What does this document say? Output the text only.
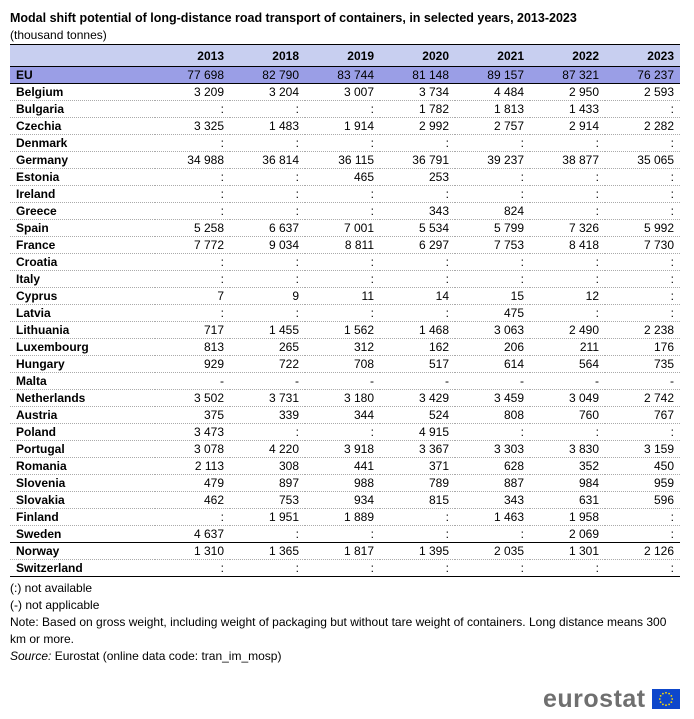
Modal shift potential of long-distance road transport of containers, in selected years, 2013-2023
(thousand tonnes)
	2013	2018	2019	2020	2021	2022	2023
EU	77 698	82 790	83 744	81 148	89 157	87 321	76 237
Belgium	3 209	3 204	3 007	3 734	4 484	2 950	2 593
Bulgaria	:	:	:	1 782	1 813	1 433	:
Czechia	3 325	1 483	1 914	2 992	2 757	2 914	2 282
Denmark	:	:	:	:	:	:	:
Germany	34 988	36 814	36 115	36 791	39 237	38 877	35 065
Estonia	:	:	465	253	:	:	:
Ireland	:	:	:	:	:	:	:
Greece	:	:	:	343	824	:	:
Spain	5 258	6 637	7 001	5 534	5 799	7 326	5 992
France	7 772	9 034	8 811	6 297	7 753	8 418	7 730
Croatia	:	:	:	:	:	:	:
Italy	:	:	:	:	:	:	:
Cyprus	7	9	11	14	15	12	:
Latvia	:	:	:	:	475	:	:
Lithuania	717	1 455	1 562	1 468	3 063	2 490	2 238
Luxembourg	813	265	312	162	206	211	176
Hungary	929	722	708	517	614	564	735
Malta	-	-	-	-	-	-	-
Netherlands	3 502	3 731	3 180	3 429	3 459	3 049	2 742
Austria	375	339	344	524	808	760	767
Poland	3 473	:	:	4 915	:	:	:
Portugal	3 078	4 220	3 918	3 367	3 303	3 830	3 159
Romania	2 113	308	441	371	628	352	450
Slovenia	479	897	988	789	887	984	959
Slovakia	462	753	934	815	343	631	596
Finland	:	1 951	1 889	:	1 463	1 958	:
Sweden	4 637	:	:	:	:	2 069	:
Norway	1 310	1 365	1 817	1 395	2 035	1 301	2 126
Switzerland	:	:	:	:	:	:	:
(:) not available
(-) not applicable
Note: Based on gross weight, including weight of packaging but without tare weight of containers. Long distance means 300 km or more.
Source: Eurostat (online data code: tran_im_mosp)
eurostat
